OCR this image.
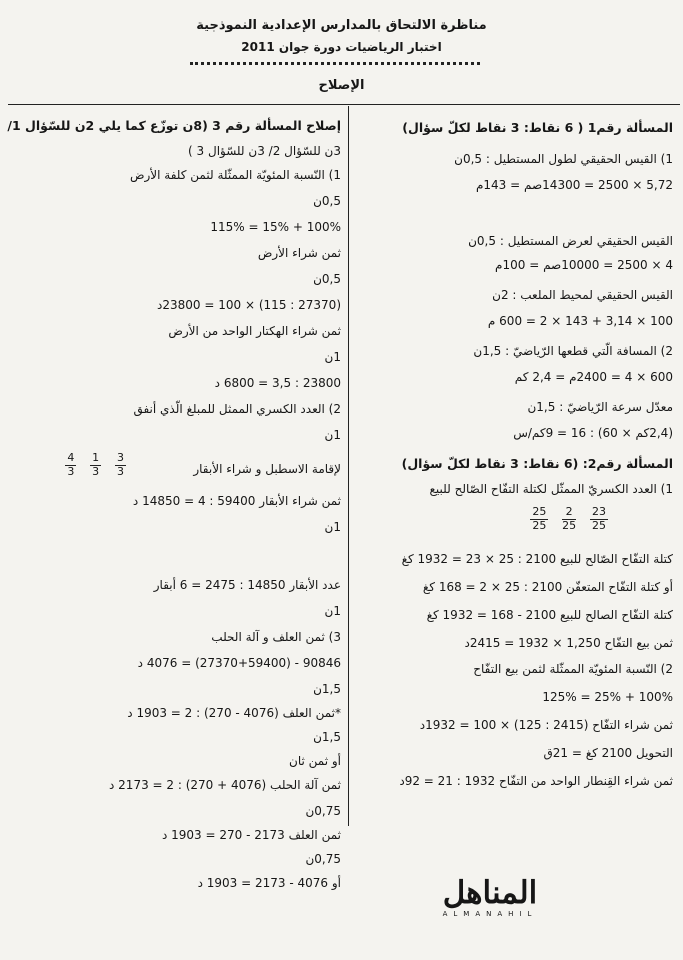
مناظرة الالتحاق بالمدارس الإعدادية النموذجية
اختبار الرياضيات دورة جوان 2011
الإصلاح
المسألة رقم1 ( 6 نقاط: 3 نقاط لكلّ سؤال)
1) القيس الحقيقي لطول المستطيل : 0,5ن
5,72 × 2500 = 14300صم = 143م
القيس الحقيقي لعرض المستطيل : 0,5ن
4 × 2500 = 10000صم = 100م
القيس الحقيقي لمحيط الملعب : 2ن
100 × 3,14 + 143 × 2 = 600 م
2) المسافة الّتي قطعها الرّياضيّ : 1,5ن
600 × 4 = 2400م = 2,4 كم
معدّل سرعة الرّياضيّ : 1,5ن
(2,4كم × 60) : 16 = 9كم/س
المسألة رقم2: (6 نقاط: 3 نقاط لكلّ سؤال)
1) العدد الكسريّ الممثّل لكتلة التفّاح الصّالح للبيع
$\frac{23}{25}$

$\frac{2}{25}$

$\frac{25}{25}$
كتلة التفّاح الصّالح للبيع 2100 : 25 × 23 = 1932 كغ
أو كتلة التفّاح المتعفّن 2100 : 25 × 2 = 168 كغ
كتلة التفّاح الصالح للبيع 2100 - 168 = 1932 كغ
ثمن بيع التفّاح 1,250 × 1932 = 2415د
2) النّسبة المئويّة الممثّلة لثمن بيع التفّاح
100% + 25% = 125%
ثمن شراء التفّاح (2415 : 125) × 100 = 1932د
التحويل 2100 كغ = 21ق
ثمن شراء القِنطار الواحد من التفّاح 1932 : 21 = 92د
إصلاح المسألة رقم 3 (8ن توزّع كما يلي 2ن للسّؤال 1/
3ن للسّؤال 2/ 3ن للسّؤال 3 )
1) النّسبة المئويّة الممثّلة لثمن كلفة الأرض
0,5ن
100% + 15% = 115%
ثمن شراء الأرض
0,5ن
(27370 : 115) × 100 = 23800د
ثمن شراء الهكتار الواحد من الأرض
1ن
23800 : 3,5 = 6800 د
2) العدد الكسري الممثل للمبلغ الّذي أنفق
1ن
لإقامة الاسطبل و شراء الأبقار
$\frac{3}{3}$

$\frac{1}{3}$

$\frac{4}{3}$
ثمن شراء الأبقار 59400 : 4 = 14850 د
1ن
عدد الأبقار 14850 : 2475 = 6 أبقار
1ن
3) ثمن العلف و آلة الحلب
90846 - (27370+59400) = 4076 د
1,5ن
*ثمن العلف (4076 - 270) : 2 = 1903 د
1,5ن
أو ثمن ثان
ثمن آلة الحلب (4076 + 270) : 2 = 2173 د
0,75ن
ثمن العلف 2173 - 270 = 1903 د
0,75ن
أو 4076 - 2173 = 1903 د	المناهل
ALMANAHIL
